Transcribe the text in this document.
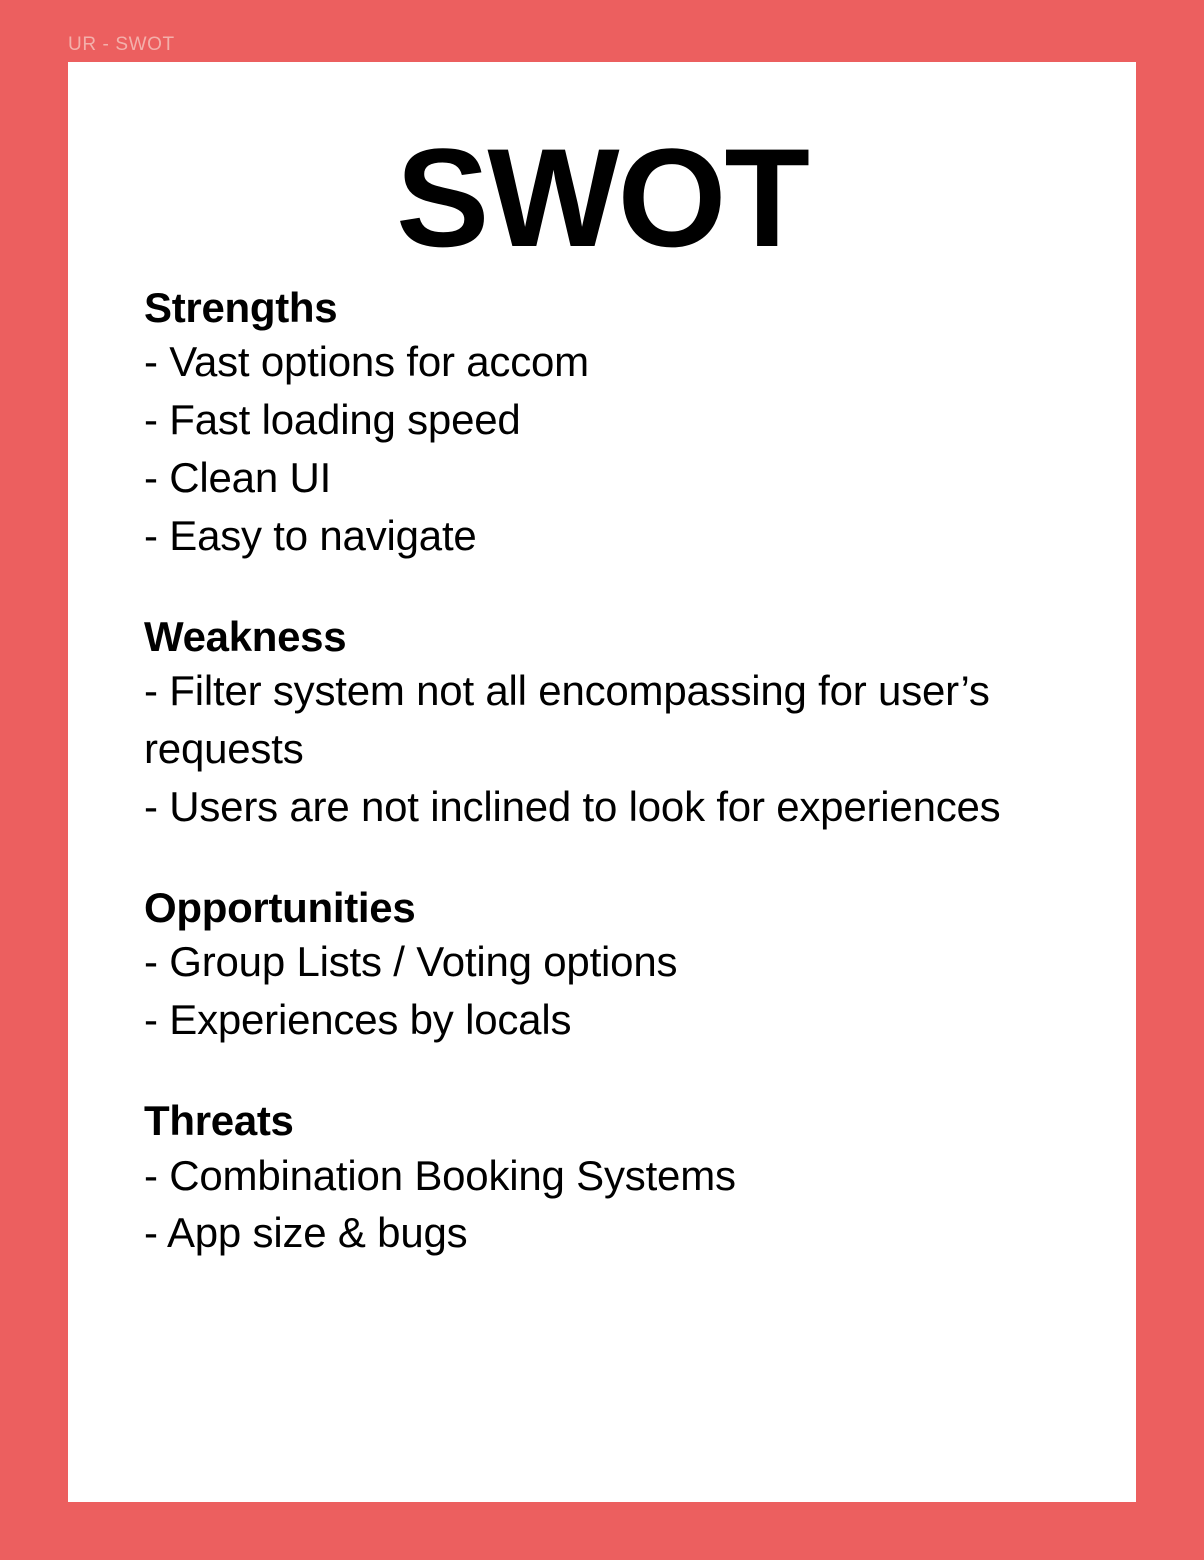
UR - SWOT
SWOT
Strengths
- Vast options for accom
- Fast loading speed
- Clean UI
- Easy to navigate
Weakness
- Filter system not all encompassing for user’s requests
- Users are not inclined to look for experiences
Opportunities
- Group Lists / Voting options
- Experiences by locals
Threats
- Combination Booking Systems
- App size & bugs
